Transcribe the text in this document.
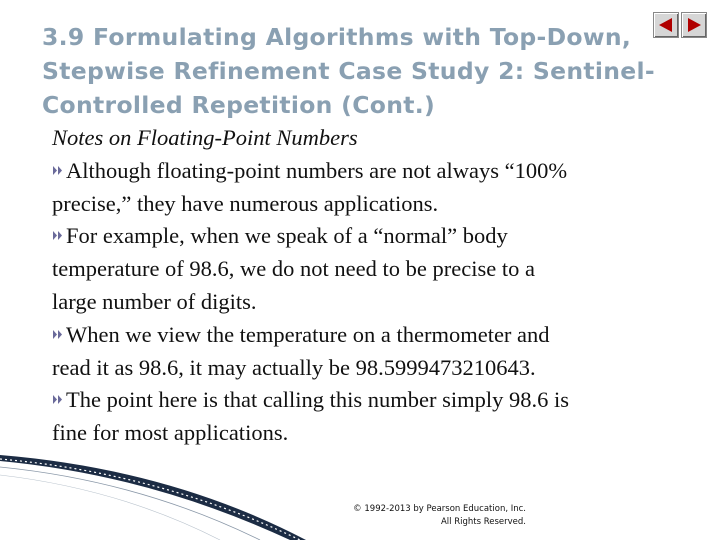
3.9 Formulating Algorithms with Top-Down,
Stepwise Refinement Case Study 2: Sentinel-
Controlled Repetition (Cont.)
Notes on Floating-Point Numbers
Although floating-point numbers are not always “100%
precise,” they have numerous applications.
For example, when we speak of a “normal” body
temperature of 98.6, we do not need to be precise to a
large number of digits.
When we view the temperature on a thermometer and
read it as 98.6, it may actually be 98.5999473210643.
The point here is that calling this number simply 98.6 is
fine for most applications.
© 1992-2013 by Pearson Education, Inc.
All Rights Reserved.
